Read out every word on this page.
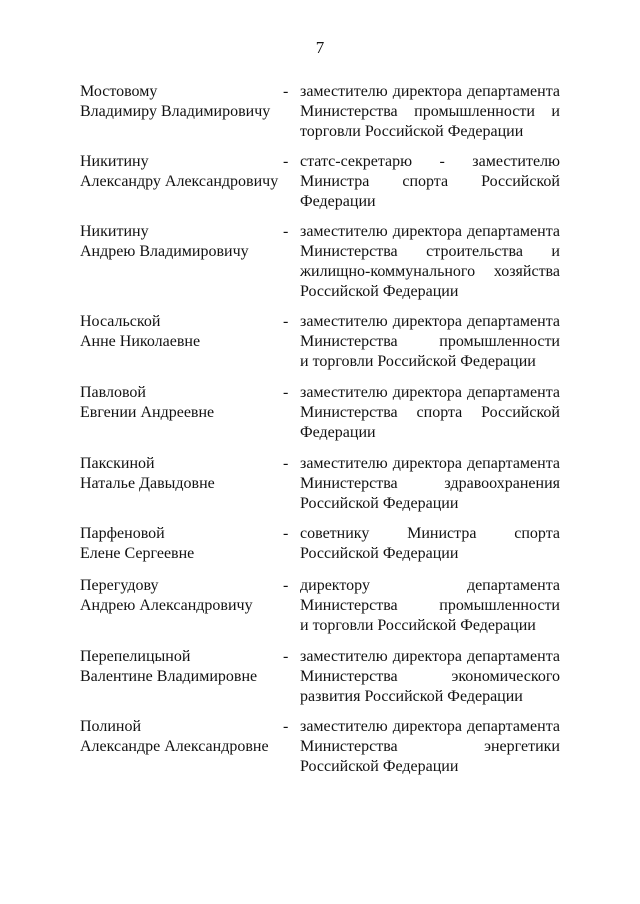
7
Мостовому
Владимиру Владимировичу
- заместителю директора департамента
Министерства промышленности и
торговли Российской Федерации
Никитину
Александру Александровичу
- статс-секретарю - заместителю
Министра спорта Российской
Федерации
Никитину
Андрею Владимировичу
- заместителю директора департамента
Министерства строительства и
жилищно-коммунального хозяйства
Российской Федерации
Носальской
Анне Николаевне
- заместителю директора департамента
Министерства промышленности
и торговли Российской Федерации
Павловой
Евгении Андреевне
- заместителю директора департамента
Министерства спорта Российской
Федерации
Пакскиной
Наталье Давыдовне
- заместителю директора департамента
Министерства здравоохранения
Российской Федерации
Парфеновой
Елене Сергеевне
- советнику Министра спорта
Российской Федерации
Перегудову
Андрею Александровичу
- директору департамента
Министерства промышленности
и торговли Российской Федерации
Перепелицыной
Валентине Владимировне
- заместителю директора департамента
Министерства экономического
развития Российской Федерации
Полиной
Александре Александровне
- заместителю директора департамента
Министерства энергетики
Российской Федерации
